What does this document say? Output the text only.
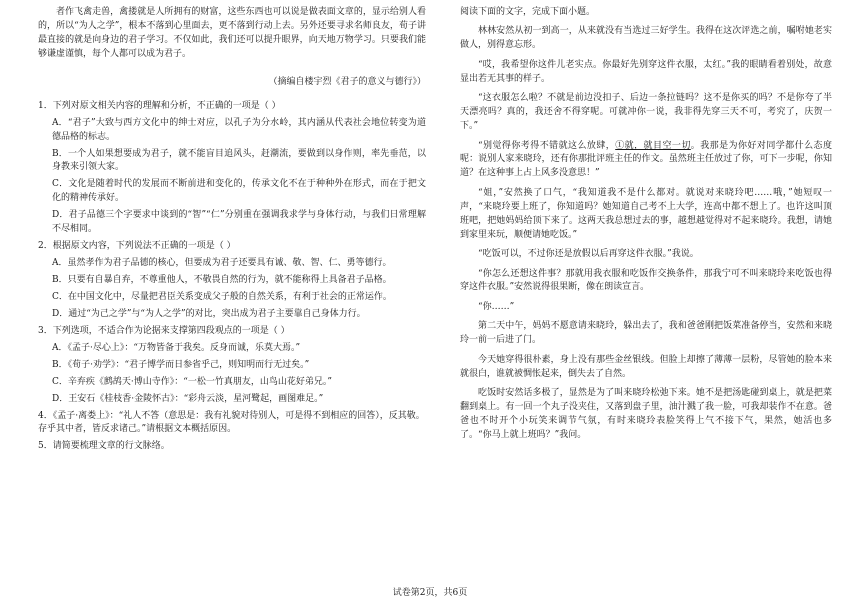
者作飞禽走兽，禽搂就是人所拥有的财富，这些东西也可以说是做表面文章的，显示给别人看的，所以“为人之学”，根本不落到心里面去，更不落到行动上去。另外还要寻求名师良友，荀子讲最直接的就是向身边的君子学习。不仅如此，我们还可以提升眼界，向天地万物学习。只要我们能够谦虚谨慎，每个人都可以成为君子。

（摘编自楼宇烈《君子的意义与德行》）

1．下列对原文相关内容的理解和分析，不正确的一项是（ ）

A．“君子”大致与西方文化中的绅士对应，以孔子为分水岭，其内涵从代表社会地位转变为道德品格的标志。

B．一个人如果想要成为君子，就不能盲目追风头，赶潮流，要做到以身作则，率先垂范，以身教来引领大家。

C．文化是随着时代的发展而不断前进和变化的，传承文化不在于种种外在形式，而在于把文化的精神传承好。

D．君子品德三个字要求中谈到的“智”“仁”分别重在强调我求学与身体行动，与我们日常理解不尽相同。

2．根据原文内容，下列说法不正确的一项是（ ）

A．虽然孝作为君子品德的核心，但要成为君子还要具有诚、敬、智、仁、勇等德行。

B．只要有自暴自弃，不尊重他人，不敬畏自然的行为，就不能称得上具备君子品格。

C．在中国文化中，尽量把君臣关系变成父子般的自然关系，有利于社会的正常运作。

D．通过“为己之学”与“为人之学”的对比，突出成为君子主要靠自己身体力行。

3．下列选项，不适合作为论据来支撑第四段观点的一项是（ ）

A．《孟子·尽心上》：“万物皆备于我矣。反身而诚，乐莫大焉。”

B．《荀子·劝学》：“君子博学而日参省乎己，则知明而行无过矣。”

C．辛弃疾《鹧鸪天·博山寺作》：“一松一竹真朋友，山鸟山花好弟兄。”

D．王安石《桂枝香·金陵怀古》：“彩舟云淡，星河鹭起，画图难足。”

4．《孟子·离娄上》：“礼人不答（意思是：我有礼貌对待别人，可是得不到相应的回答），反其敬。存乎其中者，皆反求诸己。”请根据文本概括原因。

5．请简要梳理文章的行文脉络。

阅读下面的文字，完成下面小题。

林林安然从初一到高一，从来就没有当选过三好学生。我得在这次评选之前，嘱咐她老实做人，别得意忘形。

“哎，我希望你这件儿老实点。你最好先别穿这件衣服，太红。”我的眼睛看着别处，故意显出若无其事的样子。

“这衣服怎么啦？不就是前边没扣子、后边一条拉链吗？这不是你买的吗？不是你夸了半天漂亮吗？真的，我还舍不得穿呢。可就冲你一说，我非得先穿三天不可，考究了，庆贺一下。”

“别觉得你考得不错就这么放肆，①就，就目空一切。我那是为你好对同学都什么态度呢：说别人家来晓玲，还有你那批评班主任的作文。虽然班主任放过了你，可下一步呢，你知道？在这种事上占上风多没意思！”

“姐，”安然换了口气，“我知道我不是什么都对。就说对来晓玲吧……哦，”她短叹一声，“来晓玲要上班了，你知道吗？她知道自己考不上大学，连高中都不想上了。也许这叫顶班吧，把她妈妈给顶下来了。这两天我总想过去的事，越想越觉得对不起来晓玲。我想，请她到家里来玩，顺便请她吃饭。”

“吃饭可以，不过你还是放假以后再穿这件衣服。”我说。

“你怎么还想这件事？那就用我衣服和吃饭作交换条件，那我宁可不叫来晓玲来吃饭也得穿这件衣服。”安然说得很果断，像在朗读宣言。

“你……”

第二天中午，妈妈不愿意请来晓玲，躲出去了，我和爸爸刚把饭菜准备停当，安然和来晓玲一前一后进了门。

今天她穿得很朴素，身上没有那些金丝银线。但脸上却擦了薄薄一层粉，尽管她的脸本来就很白，谁就被惆怅起来，倒失去了自然。

吃饭时安然话多极了，显然是为了叫来晓玲松弛下来。她不是把汤匙碰到桌上，就是把菜翻到桌上。有一回一个丸子没夹住，又落到盘子里，油汁溅了我一脸，可我却装作不在意。爸爸也不时开个小玩笑来调节气氛，有时来晓玲表脸笑得上气不接下气，果然，她活也多了。“你马上就上班吗？”我问。

试卷第2页，共6页
